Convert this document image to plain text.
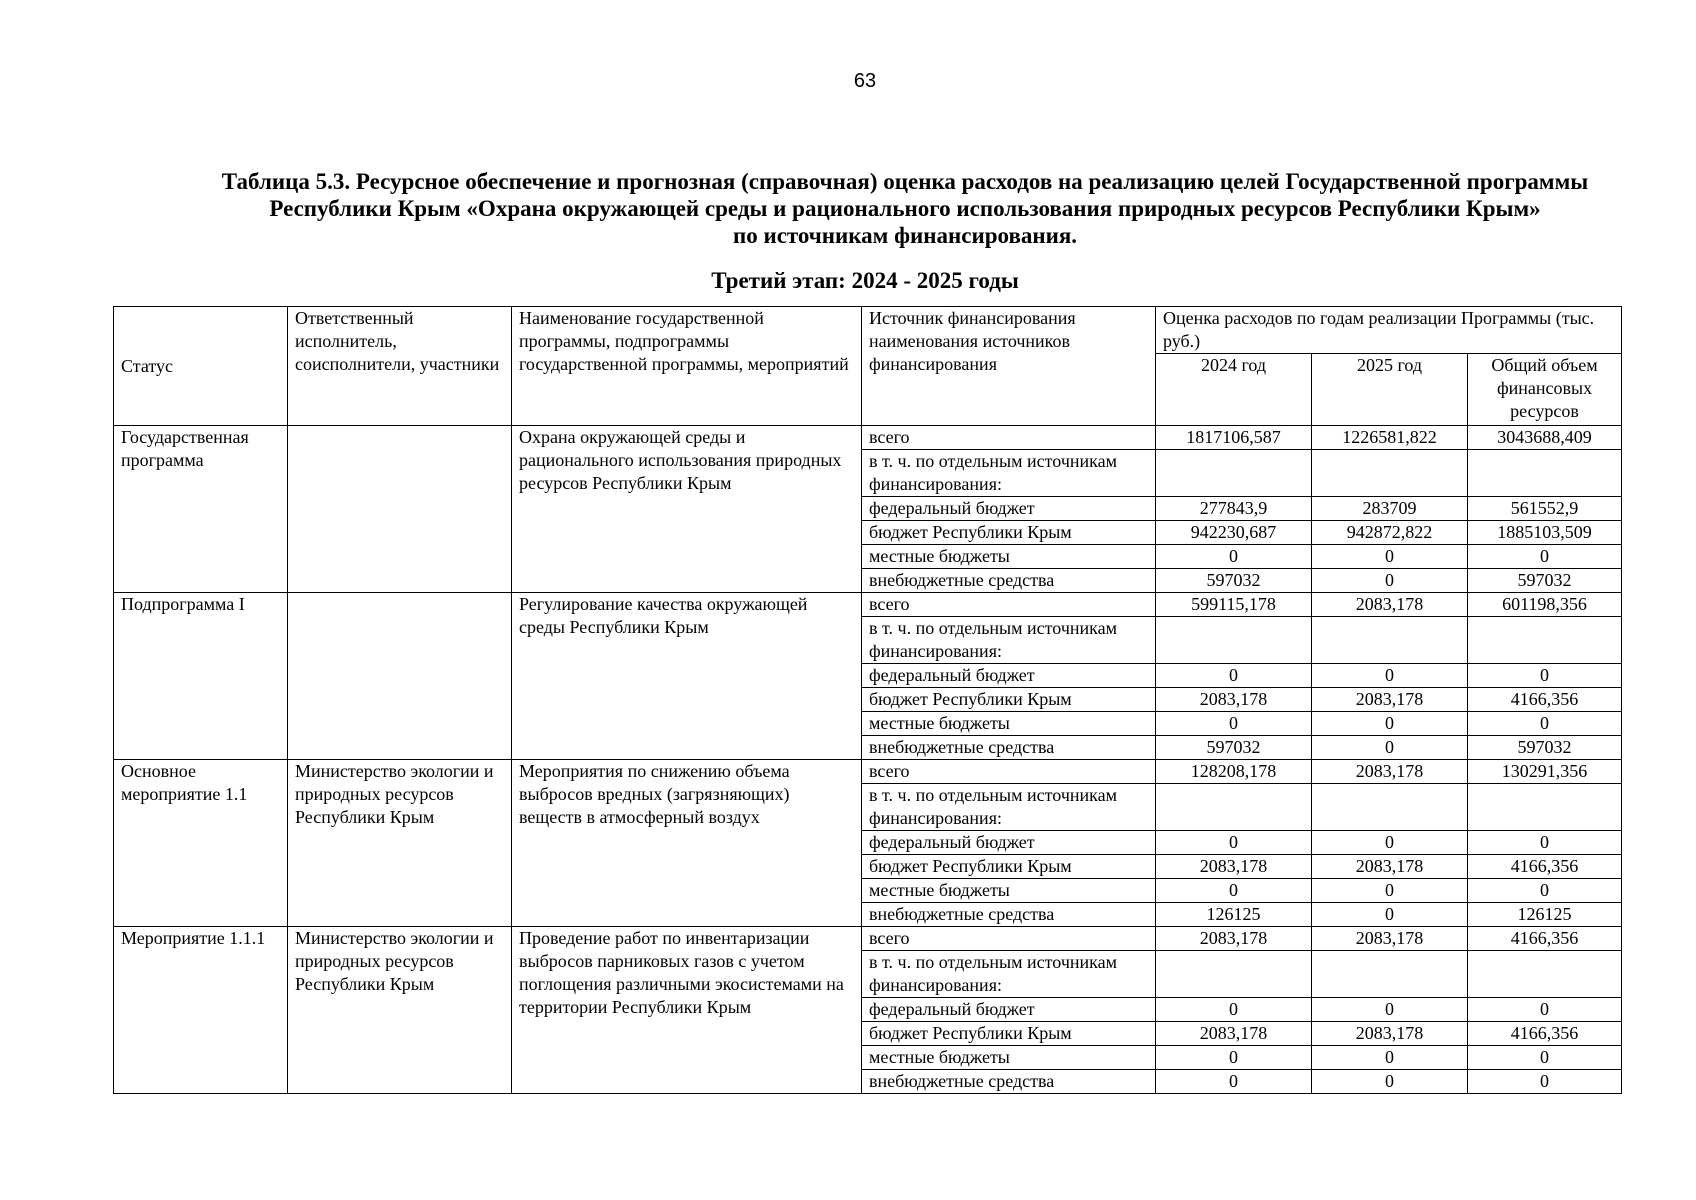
63
Таблица 5.3. Ресурсное обеспечение и прогнозная (справочная) оценка расходов на реализацию целей Государственной программы
Республики Крым «Охрана окружающей среды и рационального использования природных ресурсов Республики Крым»
по источникам финансирования.
Третий этап: 2024 - 2025 годы
Статус	Ответственный исполнитель, соисполнители, участники	Наименование государственной программы, подпрограммы государственной программы, мероприятий	Источник финансирования наименования источников финансирования	Оценка расходов по годам реализации Программы (тыс. руб.)		
				2024 год	2025 год	Общий объем финансовых ресурсов
Государственная программа		Охрана окружающей среды и рационального использования природных ресурсов Республики Крым	всего	1817106,587	1226581,822	3043688,409
			в т. ч. по отдельным источникам финансирования:			
			федеральный бюджет	277843,9	283709	561552,9
			бюджет Республики Крым	942230,687	942872,822	1885103,509
			местные бюджеты	0	0	0
			внебюджетные средства	597032	0	597032
Подпрограмма I		Регулирование качества окружающей среды Республики Крым	всего	599115,178	2083,178	601198,356
			в т. ч. по отдельным источникам финансирования:			
			федеральный бюджет	0	0	0
			бюджет Республики Крым	2083,178	2083,178	4166,356
			местные бюджеты	0	0	0
			внебюджетные средства	597032	0	597032
Основное мероприятие 1.1	Министерство экологии и природных ресурсов Республики Крым	Мероприятия по снижению объема выбросов вредных (загрязняющих) веществ в атмосферный воздух	всего	128208,178	2083,178	130291,356
			в т. ч. по отдельным источникам финансирования:			
			федеральный бюджет	0	0	0
			бюджет Республики Крым	2083,178	2083,178	4166,356
			местные бюджеты	0	0	0
			внебюджетные средства	126125	0	126125
Мероприятие 1.1.1	Министерство экологии и природных ресурсов Республики Крым	Проведение работ по инвентаризации выбросов парниковых газов с учетом поглощения различными экосистемами на территории Республики Крым	всего	2083,178	2083,178	4166,356
			в т. ч. по отдельным источникам финансирования:			
			федеральный бюджет	0	0	0
			бюджет Республики Крым	2083,178	2083,178	4166,356
			местные бюджеты	0	0	0
			внебюджетные средства	0	0	0
